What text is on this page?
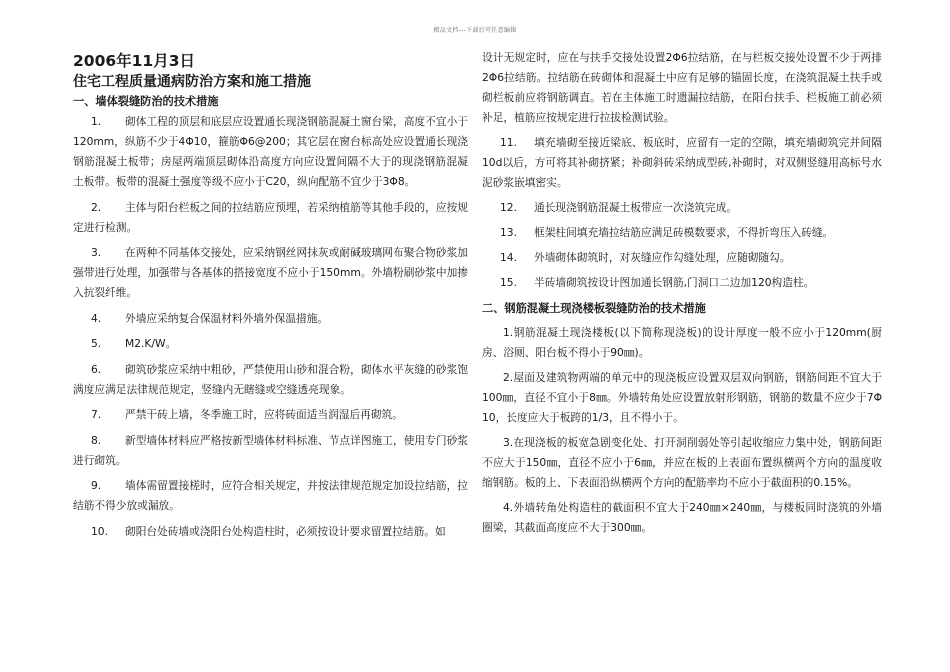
精品文档---下载后可任意编辑
2006年11月3日
住宅工程质量通病防治方案和施工措施
一、墙体裂缝防治的技术措施
1. 砌体工程的顶层和底层应设置通长现浇钢筋混凝土窗台梁，高度不宜小于120mm，纵筋不少于4Φ10，箍筋Φ6@200；其它层在窗台标高处应设置通长现浇钢筋混凝土板带；房屋两端顶层砌体沿高度方向应设置间隔不大于的现浇钢筋混凝土板带。板带的混凝土强度等级不应小于C20，纵向配筋不宜少于3Φ8。
2. 主体与阳台栏板之间的拉结筋应预埋，若采纳植筋等其他手段的，应按规定进行检测。
3. 在两种不同基体交接处，应采纳钢丝网抹灰或耐碱玻璃网布聚合物砂浆加强带进行处理，加强带与各基体的搭接宽度不应小于150mm。外墙粉刷砂浆中加掺入抗裂纤维。
4. 外墙应采纳复合保温材料外墙外保温措施。
5. M2.K/W。
6. 砌筑砂浆应采纳中粗砂，严禁使用山砂和混合粉，砌体水平灰缝的砂浆饱满度应满足法律规范规定，竖缝内无瞎缝或空缝透亮现象。
7. 严禁干砖上墙，冬季施工时，应将砖面适当润湿后再砌筑。
8. 新型墙体材料应严格按新型墙体材料标准、节点详图施工，使用专门砂浆进行砌筑。
9. 墙体需留置接槎时，应符合相关规定，并按法律规范规定加设拉结筋，拉结筋不得少放或漏放。
10. 砌阳台处砖墙或浇阳台处构造柱时，必须按设计要求留置拉结筋。如
设计无规定时，应在与扶手交接处设置2Φ6拉结筋，在与栏板交接处设置不少于两排2Φ6拉结筋。拉结筋在砖砌体和混凝土中应有足够的锚固长度，在浇筑混凝土扶手或砌栏板前应将钢筋调直。若在主体施工时遗漏拉结筋，在阳台扶手、栏板施工前必须补足，植筋应按规定进行拉拔检测试验。
11. 填充墙砌至接近梁底、板底时，应留有一定的空隙，填充墙砌筑完并间隔10d以后，方可将其补砌挤紧；补砌斜砖采纳成型砖,补砌时，对双侧竖缝用高标号水泥砂浆嵌填密实。
12. 通长现浇钢筋混凝土板带应一次浇筑完成。
13. 框架柱间填充墙拉结筋应满足砖模数要求，不得折弯压入砖缝。
14. 外墙砌体砌筑时，对灰缝应作勾缝处理，应随砌随勾。
15. 半砖墙砌筑按设计图加通长钢筋,门洞口二边加120构造柱。
二、钢筋混凝土现浇楼板裂缝防治的技术措施
1.钢筋混凝土现浇楼板(以下简称现浇板)的设计厚度一般不应小于120mm(厨房、浴厕、阳台板不得小于90㎜)。
2.屋面及建筑物两端的单元中的现浇板应设置双层双向钢筋，钢筋间距不宜大于100㎜，直径不宜小于8㎜。外墙转角处应设置放射形钢筋，钢筋的数量不应少于7Φ10，长度应大于板跨的1/3，且不得小于。
3.在现浇板的板宽急剧变化处、打开洞削弱处等引起收缩应力集中处，钢筋间距不应大于150㎜，直径不应小于6㎜，并应在板的上表面布置纵横两个方向的温度收缩钢筋。板的上、下表面沿纵横两个方向的配筋率均不应小于截面积的0.15%。
4.外墙转角处构造柱的截面积不宜大于240㎜×240㎜，与楼板同时浇筑的外墙圈梁，其截面高度应不大于300㎜。
